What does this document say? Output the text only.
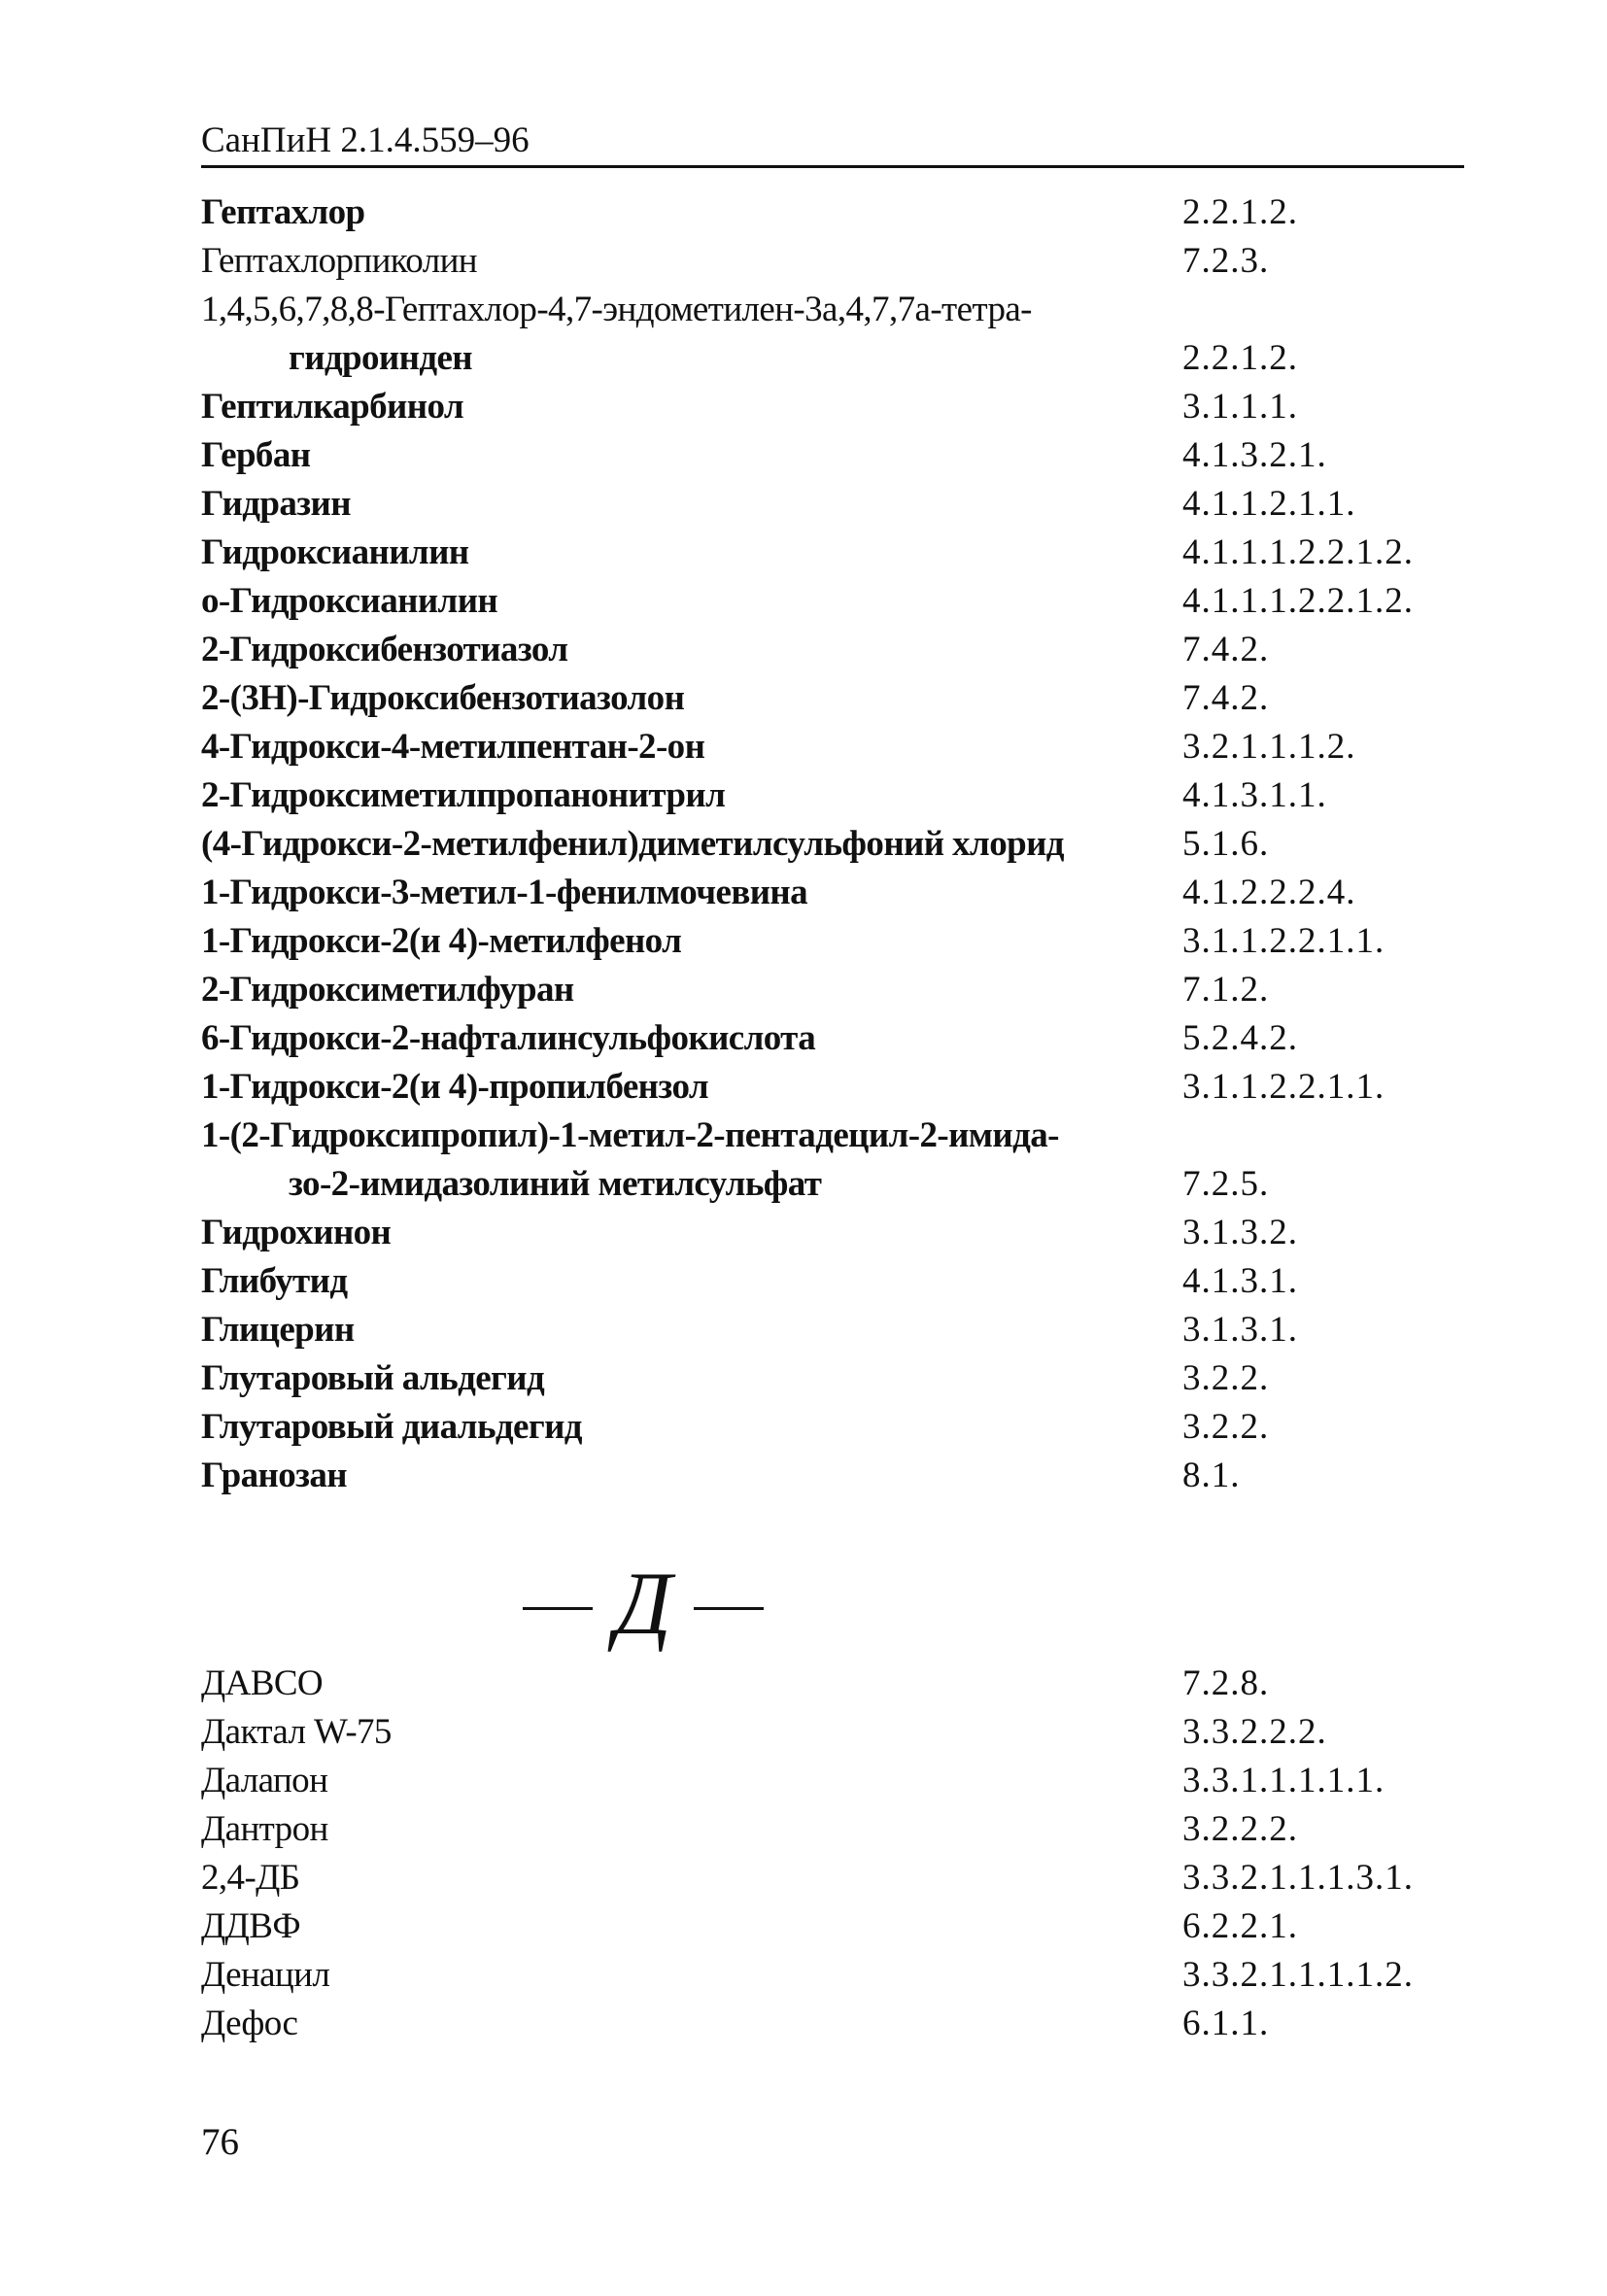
СанПиН 2.1.4.559–96
Гептахлор	2.2.1.2.
Гептахлорпиколин	7.2.3.
1,4,5,6,7,8,8-Гептахлор-4,7-эндометилен-3а,4,7,7а-тетра-
гидроинден	2.2.1.2.
Гептилкарбинол	3.1.1.1.
Гербан	4.1.3.2.1.
Гидразин	4.1.1.2.1.1.
Гидроксианилин	4.1.1.1.2.2.1.2.
о-Гидроксианилин	4.1.1.1.2.2.1.2.
2-Гидроксибензотиазол	7.4.2.
2-(3Н)-Гидроксибензотиазолон	7.4.2.
4-Гидрокси-4-метилпентан-2-он	3.2.1.1.1.2.
2-Гидроксиметилпропанонитрил	4.1.3.1.1.
(4-Гидрокси-2-метилфенил)диметилсульфоний хлорид	5.1.6.
1-Гидрокси-3-метил-1-фенилмочевина	4.1.2.2.2.4.
1-Гидрокси-2(и 4)-метилфенол	3.1.1.2.2.1.1.
2-Гидроксиметилфуран	7.1.2.
6-Гидрокси-2-нафталинсульфокислота	5.2.4.2.
1-Гидрокси-2(и 4)-пропилбензол	3.1.1.2.2.1.1.
1-(2-Гидроксипропил)-1-метил-2-пентадецил-2-имида-
зо-2-имидазолиний метилсульфат	7.2.5.
Гидрохинон	3.1.3.2.
Глибутид	4.1.3.1.
Глицерин	3.1.3.1.
Глутаровый альдегид	3.2.2.
Глутаровый диальдегид	3.2.2.
Гранозан	8.1.
Д
ДАВСО	7.2.8.
Дактал W-75	3.3.2.2.2.
Далапон	3.3.1.1.1.1.1.
Дантрон	3.2.2.2.
2,4-ДБ	3.3.2.1.1.1.3.1.
ДДВФ	6.2.2.1.
Денацил	3.3.2.1.1.1.1.2.
Дефос	6.1.1.
76
